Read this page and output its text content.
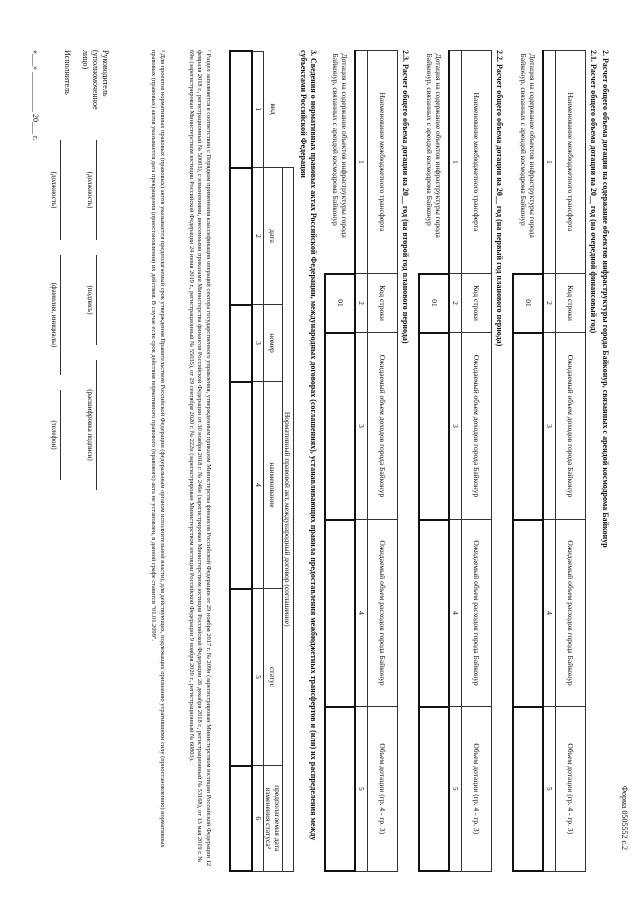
Форма 0505552 с.2
2. Расчет общего объема дотации на содержание объектов инфраструктуры города Байконур, связанных с арендой космодрома Байконур
2.1. Расчет общего объема дотации на 20__ год (на очередной финансовый год)
Наименование межбюджетного трансферта	Код строки	Ожидаемый объем доходов города Байконур	Ожидаемый объем расходов города Байконур	Объем дотации (гр. 4 - гр. 3)
1	2	3	4	5
Дотация на содержание объектов инфраструктуры города Байконур, связанных с арендой космодрома Байконур	01			
2.2. Расчет общего объема дотации на 20__ год (на первый год планового периода)
Наименование межбюджетного трансферта	Код строки	Ожидаемый объем доходов города Байконур	Ожидаемый объем расходов города Байконур	Объем дотации (гр. 4 - гр. 3)
1	2	3	4	5
Дотация на содержание объектов инфраструктуры города Байконур, связанных с арендой космодрома Байконур	01			
2.3. Расчет общего объема дотации на 20__ год (на второй год планового периода)
Наименование межбюджетного трансферта	Код строки	Ожидаемый объем доходов города Байконур	Ожидаемый объем расходов города Байконур	Объем дотации (гр. 4 - гр. 3)
1	2	3	4	5
Дотация на содержание объектов инфраструктуры города Байконур, связанных с арендой космодрома Байконур	01			
3. Сведения о нормативных правовых актах Российской Федерации, международных договорах (соглашениях), устанавливающих правила предоставления межбюджетных трансфертов и (или) их распределения между субъектами Российской Федерации
вид	Нормативный правовой акт, международный договор (соглашение)				
	дата	номер	наименование	статус	предполагаемая дата изменения статуса²
1	2	3	4	5	6

¹ Раздел заполняется в соответствии с Порядком применения классификации операций сектора государственного управления, утвержденным приказом Министерства финансов Российской Федерации от 29 ноября 2017 г. № 209н (зарегистрирован Министерством юстиции Российской Федерации 12 февраля 2018 г., регистрационный № 50003), с изменениями, внесенными приказами Министерства финансов Российской Федерации от 30 ноября 2018 г. № 246н (зарегистрирован Министерством юстиции Российской Федерации 26 декабря 2018 г., регистрационный № 53168), от 13 мая 2019 г. № 69н (зарегистрирован Министерством юстиции Российской Федерации 24 июня 2019 г., регистрационный № 55035), от 29 сентября 2020 г. № 222н (зарегистрирован Министерством юстиции Российской Федерации 9 ноября 2020 г., регистрационный № 60803).
² Для проектов нормативных правовых (правовых) актов указывается предполагаемый срок утверждения Правительством Российской Федерации (федеральным органом исполнительной власти), для действующих, подлежащих признанию утратившими силу (приостановлению) нормативных правовых (правовых) актов указывается дата прекращения (приостановления) их действия. В случае если срок действия нормативного правового (правового) акта не установлен, в данной графе ставится "01.01.2099".
Руководитель (уполномоченное лицо)
(должность)
(подпись)
(расшифровка подписи)
Исполнитель
(должность)
(фамилия, инициалы)
(телефон)
«___» __________ 20___ г.
